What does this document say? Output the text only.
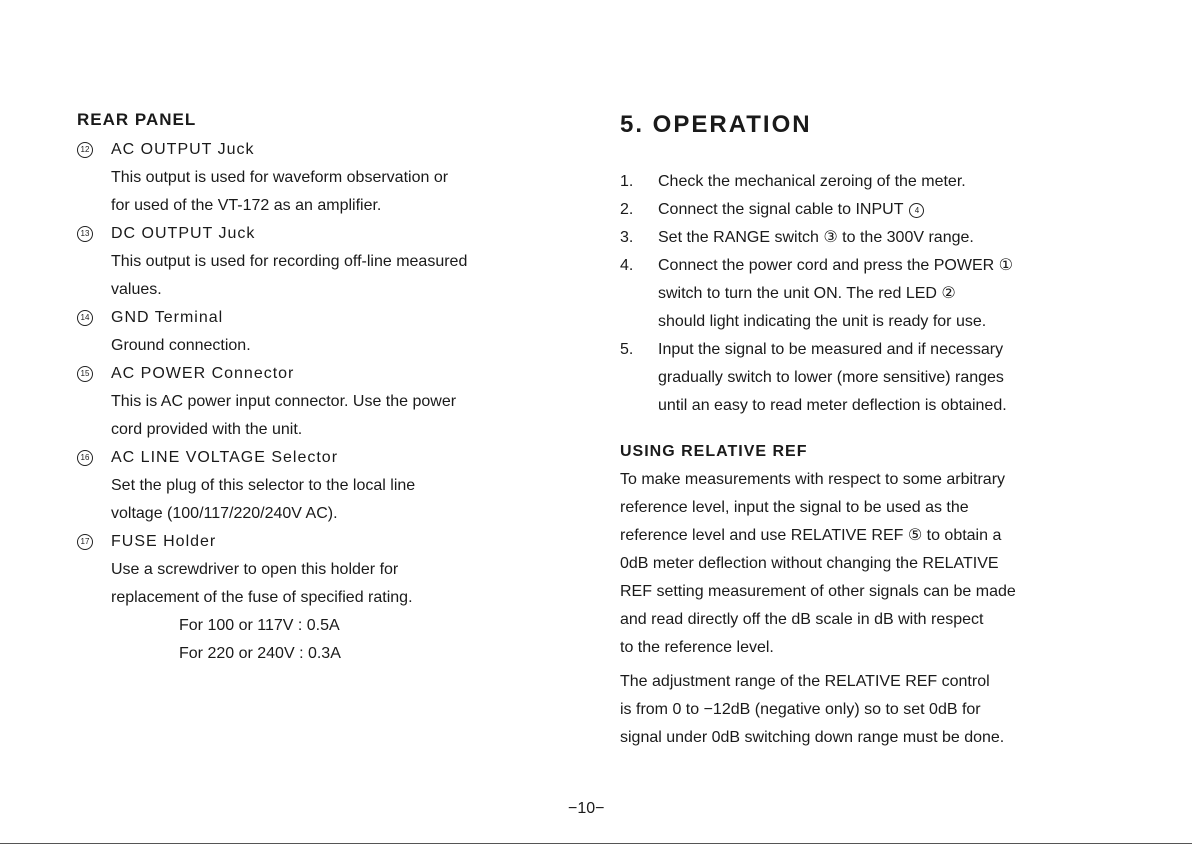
REAR PANEL
12 AC OUTPUT Juck

This output is used for waveform observation or

for used of the VT-172 as an amplifier.

13 DC OUTPUT Juck

This output is used for recording off-line measured

values.

14 GND Terminal

Ground connection.

15 AC POWER Connector

This is AC power input connector. Use the power

cord provided with the unit.

16 AC LINE VOLTAGE Selector

Set the plug of this selector to the local line

voltage (100/117/220/240V AC).

17 FUSE Holder

Use a screwdriver to open this holder for

replacement of the fuse of specified rating.

For 100 or 117V : 0.5A

For 220 or 240V : 0.3A

5. OPERATION
1.	Check the mechanical zeroing of the meter.

2.	Connect the signal cable to INPUT 4

3.	Set the RANGE switch ③ to the 300V range.

4.	Connect the power cord and press the POWER ①

switch to turn the unit ON. The red LED ②

should light indicating the unit is ready for use.

5.	Input the signal to be measured and if necessary

gradually switch to lower (more sensitive) ranges

until an easy to read meter deflection is obtained.

USING RELATIVE REF

To make measurements with respect to some arbitrary

reference level, input the signal to be used as the

reference level and use RELATIVE REF ⑤ to obtain a

0dB meter deflection without changing the RELATIVE

REF setting measurement of other signals can be made

and read directly off the dB scale in dB with respect

to the reference level.

The adjustment range of the RELATIVE REF control

is from 0 to −12dB (negative only) so to set 0dB for

signal under 0dB switching down range must be done.

−10−
